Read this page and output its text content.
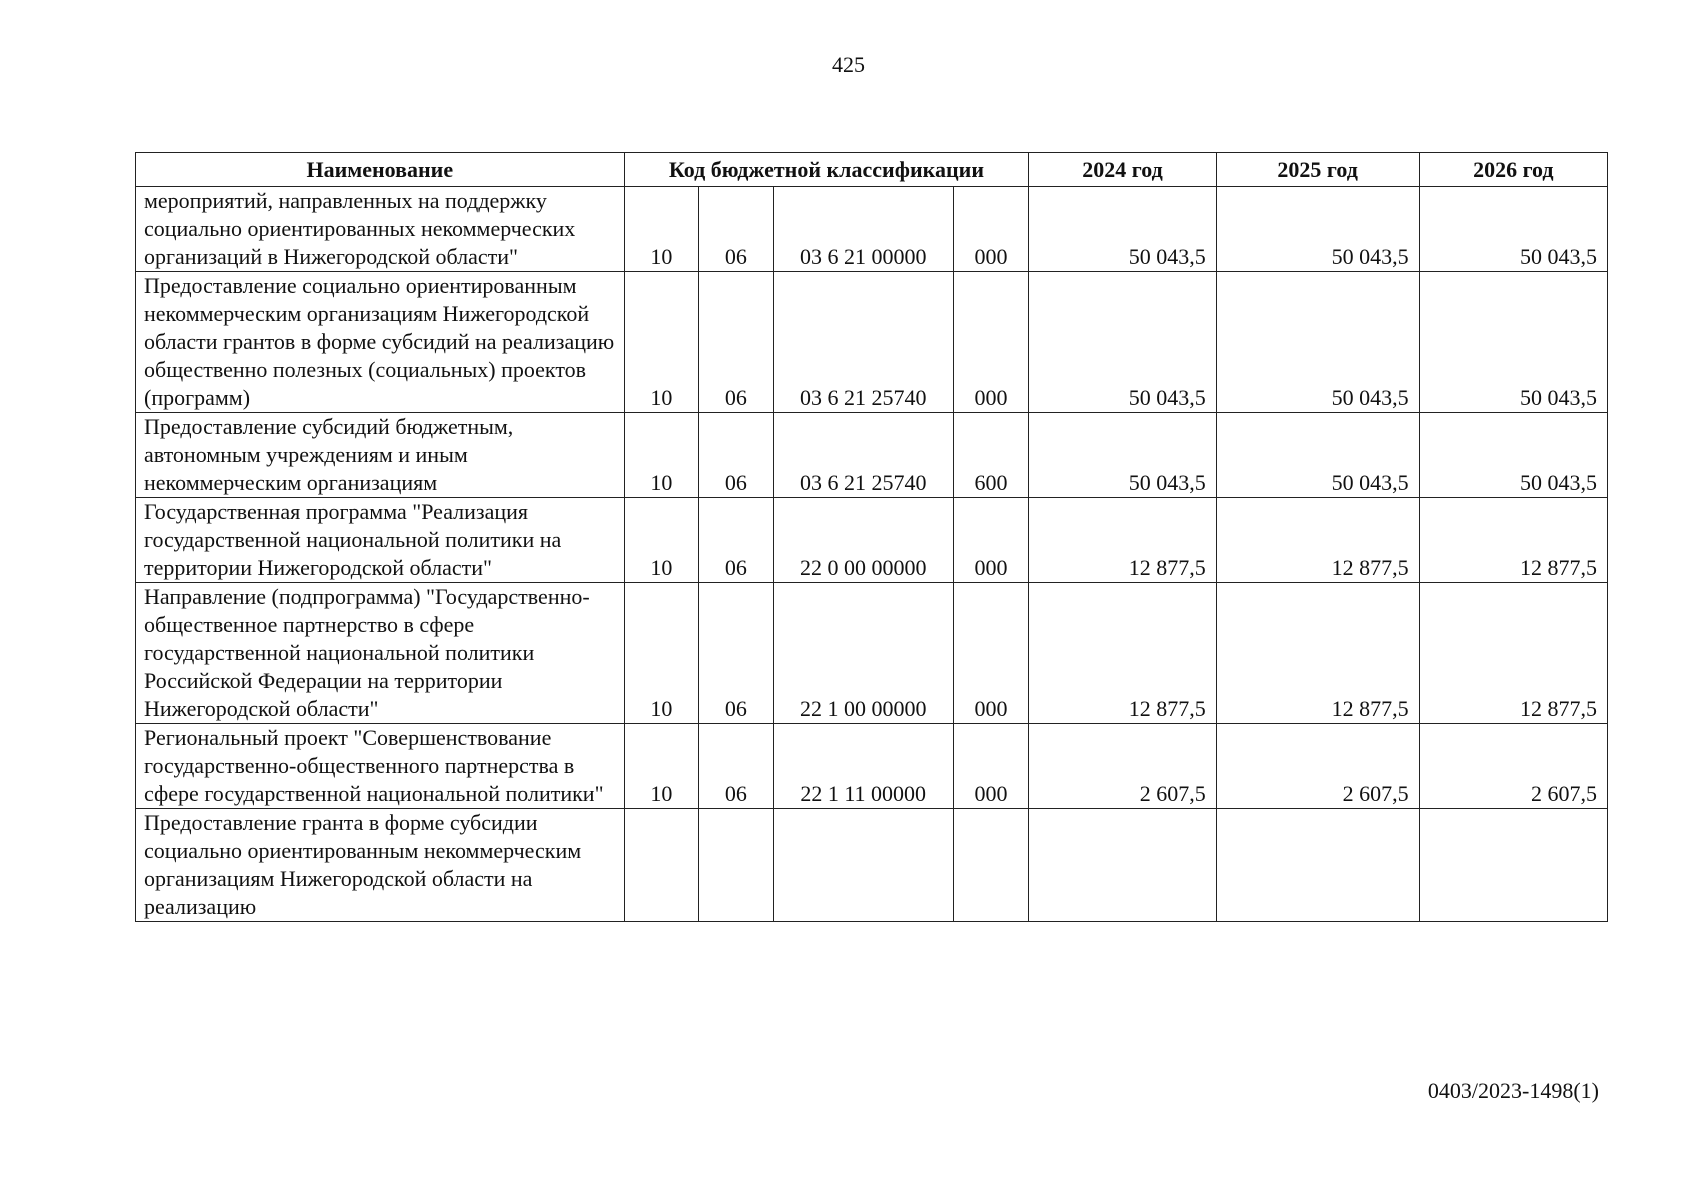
425
Наименование	Код бюджетной классификации				2024 год	2025 год	2026 год
мероприятий, направленных на поддержку социально ориентированных некоммерческих организаций в Нижегородской области"	10	06	03 6 21 00000	000	50 043,5	50 043,5	50 043,5
Предоставление социально ориентированным некоммерческим организациям Нижегородской области грантов в форме субсидий на реализацию общественно полезных (социальных) проектов (программ)	10	06	03 6 21 25740	000	50 043,5	50 043,5	50 043,5
Предоставление субсидий бюджетным, автономным учреждениям и иным некоммерческим организациям	10	06	03 6 21 25740	600	50 043,5	50 043,5	50 043,5
Государственная программа "Реализация государственной национальной политики на территории Нижегородской области"	10	06	22 0 00 00000	000	12 877,5	12 877,5	12 877,5
Направление (подпрограмма) "Государственно-общественное партнерство в сфере государственной национальной политики Российской Федерации на территории Нижегородской области"	10	06	22 1 00 00000	000	12 877,5	12 877,5	12 877,5
Региональный проект "Совершенствование государственно-общественного партнерства в сфере государственной национальной политики"	10	06	22 1 11 00000	000	2 607,5	2 607,5	2 607,5
Предоставление гранта в форме субсидии социально ориентированным некоммерческим организациям Нижегородской области на реализацию							
0403/2023-1498(1)
